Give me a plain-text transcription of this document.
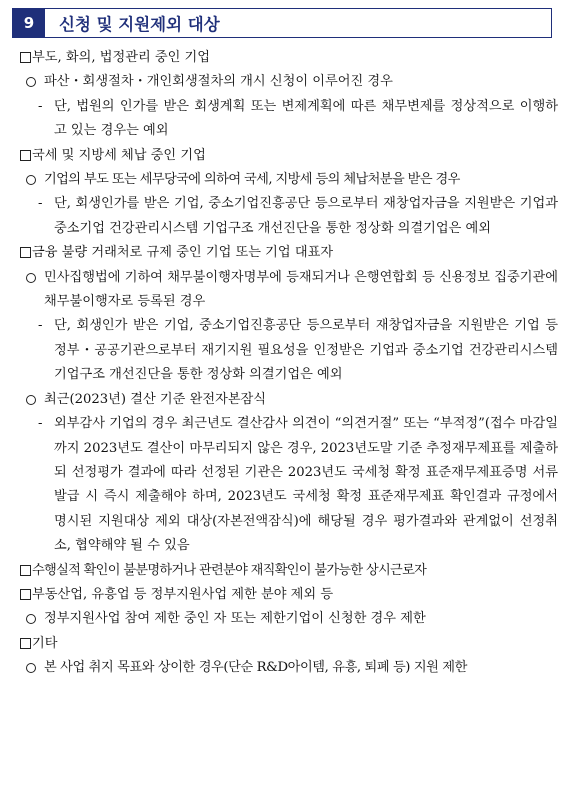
9	신청 및 지원제외 대상
부도, 화의, 법정관리 중인 기업
파산・회생절차・개인회생절차의 개시 신청이 이루어진 경우
- 단, 법원의 인가를 받은 회생계획 또는 변제계획에 따른 채무변제를 정상적으로 이행하고 있는 경우는 예외
국세 및 지방세 체납 중인 기업
기업의 부도 또는 세무당국에 의하여 국세, 지방세 등의 체납처분을 받은 경우
- 단, 회생인가를 받은 기업, 중소기업진흥공단 등으로부터 재창업자금을 지원받은 기업과 중소기업 건강관리시스템 기업구조 개선진단을 통한 정상화 의결기업은 예외
금융 불량 거래처로 규제 중인 기업 또는 기업 대표자
민사집행법에 기하여 채무불이행자명부에 등재되거나 은행연합회 등 신용정보 집중기관에 채무불이행자로 등록된 경우
- 단, 회생인가 받은 기업, 중소기업진흥공단 등으로부터 재창업자금을 지원받은 기업 등 정부・공공기관으로부터 재기지원 필요성을 인정받은 기업과 중소기업 건강관리시스템 기업구조 개선진단을 통한 정상화 의결기업은 예외
최근(2023년) 결산 기준 완전자본잠식
- 외부감사 기업의 경우 최근년도 결산감사 의견이 “의견거절” 또는 “부적정”(접수 마감일까지 2023년도 결산이 마무리되지 않은 경우, 2023년도말 기준 추정재무제표를 제출하되 선정평가 결과에 따라 선정된 기관은 2023년도 국세청 확정 표준재무제표증명 서류 발급 시 즉시 제출해야 하며, 2023년도 국세청 확정 표준재무제표 확인결과 규정에서 명시된 지원대상 제외 대상(자본전액잠식)에 해당될 경우 평가결과와 관계없이 선정취소, 협약해약 될 수 있음
수행실적 확인이 불분명하거나 관련분야 재직확인이 불가능한 상시근로자
부동산업, 유흥업 등 정부지원사업 제한 분야 제외 등
정부지원사업 참여 제한 중인 자 또는 제한기업이 신청한 경우 제한
기타
본 사업 취지 목표와 상이한 경우(단순 R&D아이템, 유흥, 퇴폐 등) 지원 제한
